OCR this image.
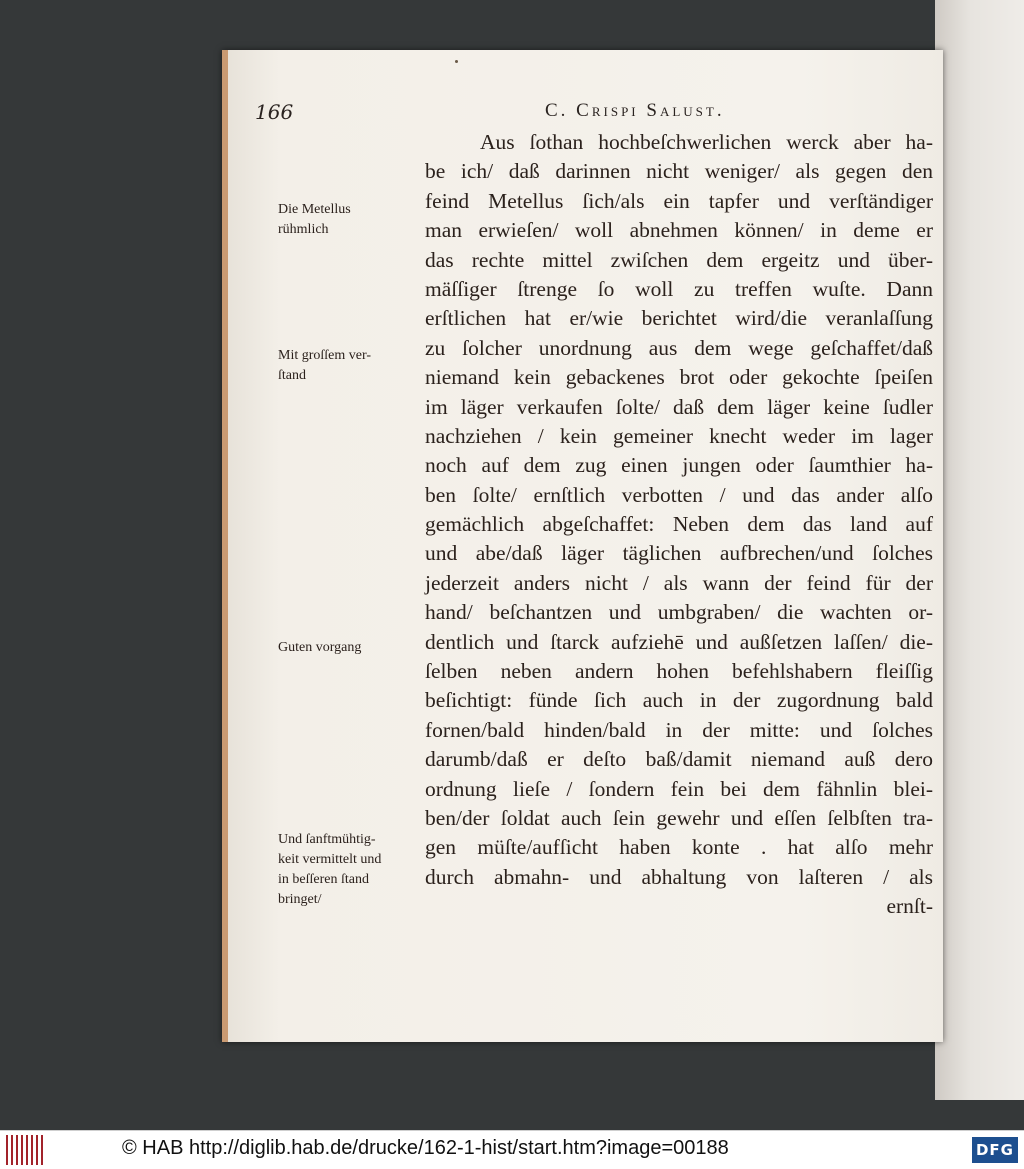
166	C. Crispi Salust.
Aus ſothan hochbeſchwerlichen werck aber ha-
be ich/ daß darinnen nicht weniger/ als gegen den
feind Metellus ſich/als ein tapfer und verſtändiger
man erwieſen/ woll abnehmen können/ in deme er
das rechte mittel zwiſchen dem ergeitz und über-
mäſſiger ſtrenge ſo woll zu treffen wuſte. Dann
erſtlichen hat er/wie berichtet wird/die veranlaſſung
zu ſolcher unordnung aus dem wege geſchaffet/daß
niemand kein gebackenes brot oder gekochte ſpeiſen
im läger verkaufen ſolte/ daß dem läger keine ſudler
nachziehen / kein gemeiner knecht weder im lager
noch auf dem zug einen jungen oder ſaumthier ha-
ben ſolte/ ernſtlich verbotten / und das ander alſo
gemächlich abgeſchaffet: Neben dem das land auf
und abe/daß läger täglichen aufbrechen/und ſolches
jederzeit anders nicht / als wann der feind für der
hand/ beſchantzen und umbgraben/ die wachten or-
dentlich und ſtarck aufziehē und außſetzen laſſen/ die-
ſelben neben andern hohen befehlshabern fleiſſig
beſichtigt: fünde ſich auch in der zugordnung bald
fornen/bald hinden/bald in der mitte: und ſolches
darumb/daß er deſto baß/damit niemand auß dero
ordnung lieſe / ſondern fein bei dem fähnlin blei-
ben/der ſoldat auch ſein gewehr und eſſen ſelbſten tra-
gen müſte/aufſicht haben konte . hat alſo mehr
durch abmahn- und abhaltung von laſteren / als
ernſt-
Die Metellus
rühmlich
Mit groſſem ver-
ſtand
Guten vorgang
Und ſanftmühtig-
keit vermittelt und
in beſſeren ſtand
bringet/
© HAB http://diglib.hab.de/drucke/162-1-hist/start.htm?image=00188	DFG
